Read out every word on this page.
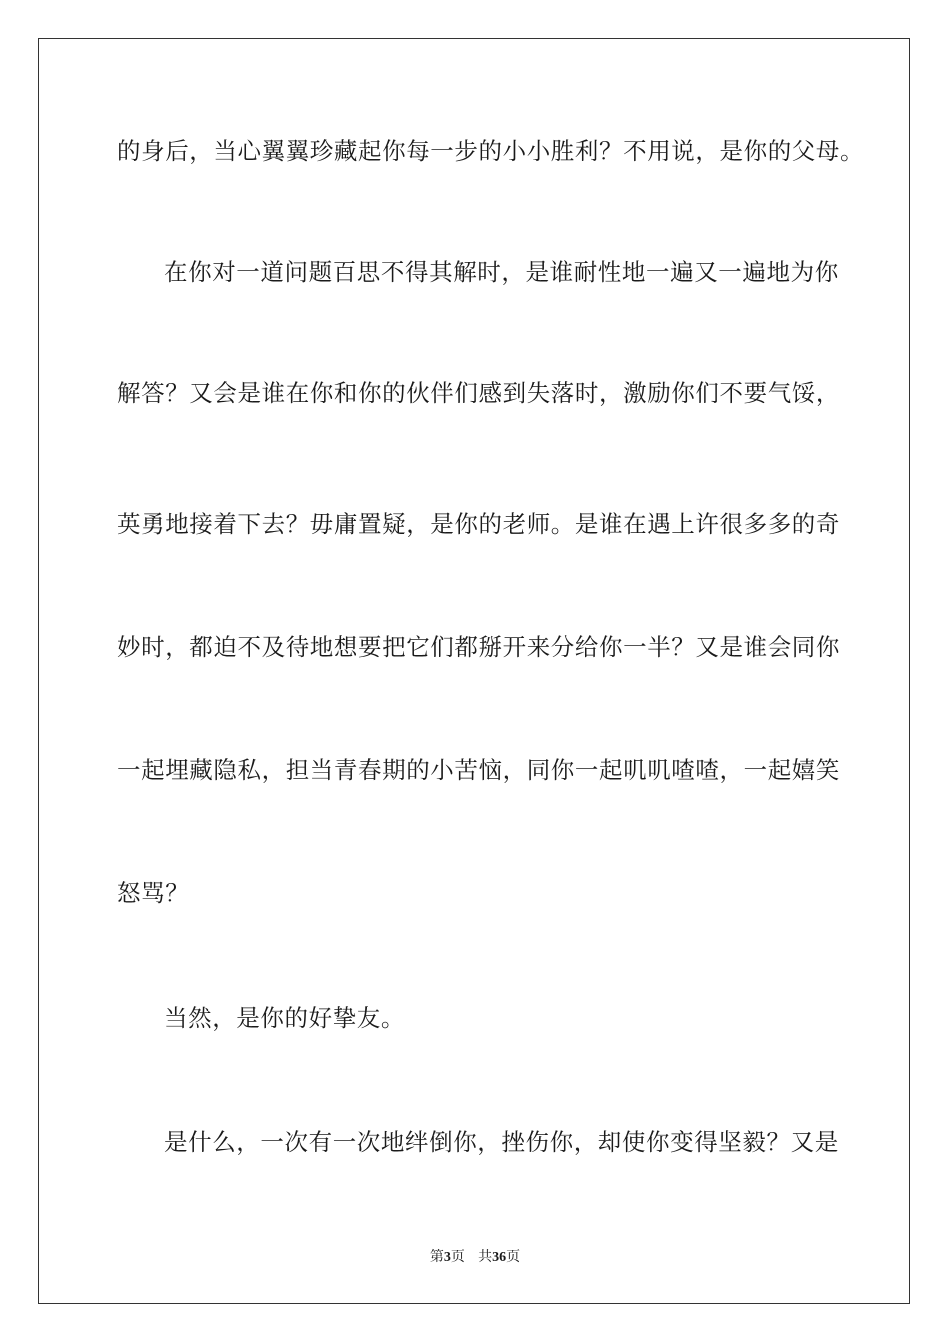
的身后，当心翼翼珍藏起你每一步的小小胜利？不用说，是你的父母。
在你对一道问题百思不得其解时，是谁耐性地一遍又一遍地为你
解答？又会是谁在你和你的伙伴们感到失落时，激励你们不要气馁，
英勇地接着下去？毋庸置疑，是你的老师。是谁在遇上许很多多的奇
妙时，都迫不及待地想要把它们都掰开来分给你一半？又是谁会同你
一起埋藏隐私，担当青春期的小苦恼，同你一起叽叽喳喳，一起嬉笑
怒骂？
当然，是你的好挚友。
是什么，一次有一次地绊倒你，挫伤你，却使你变得坚毅？又是
第3页 共36页
